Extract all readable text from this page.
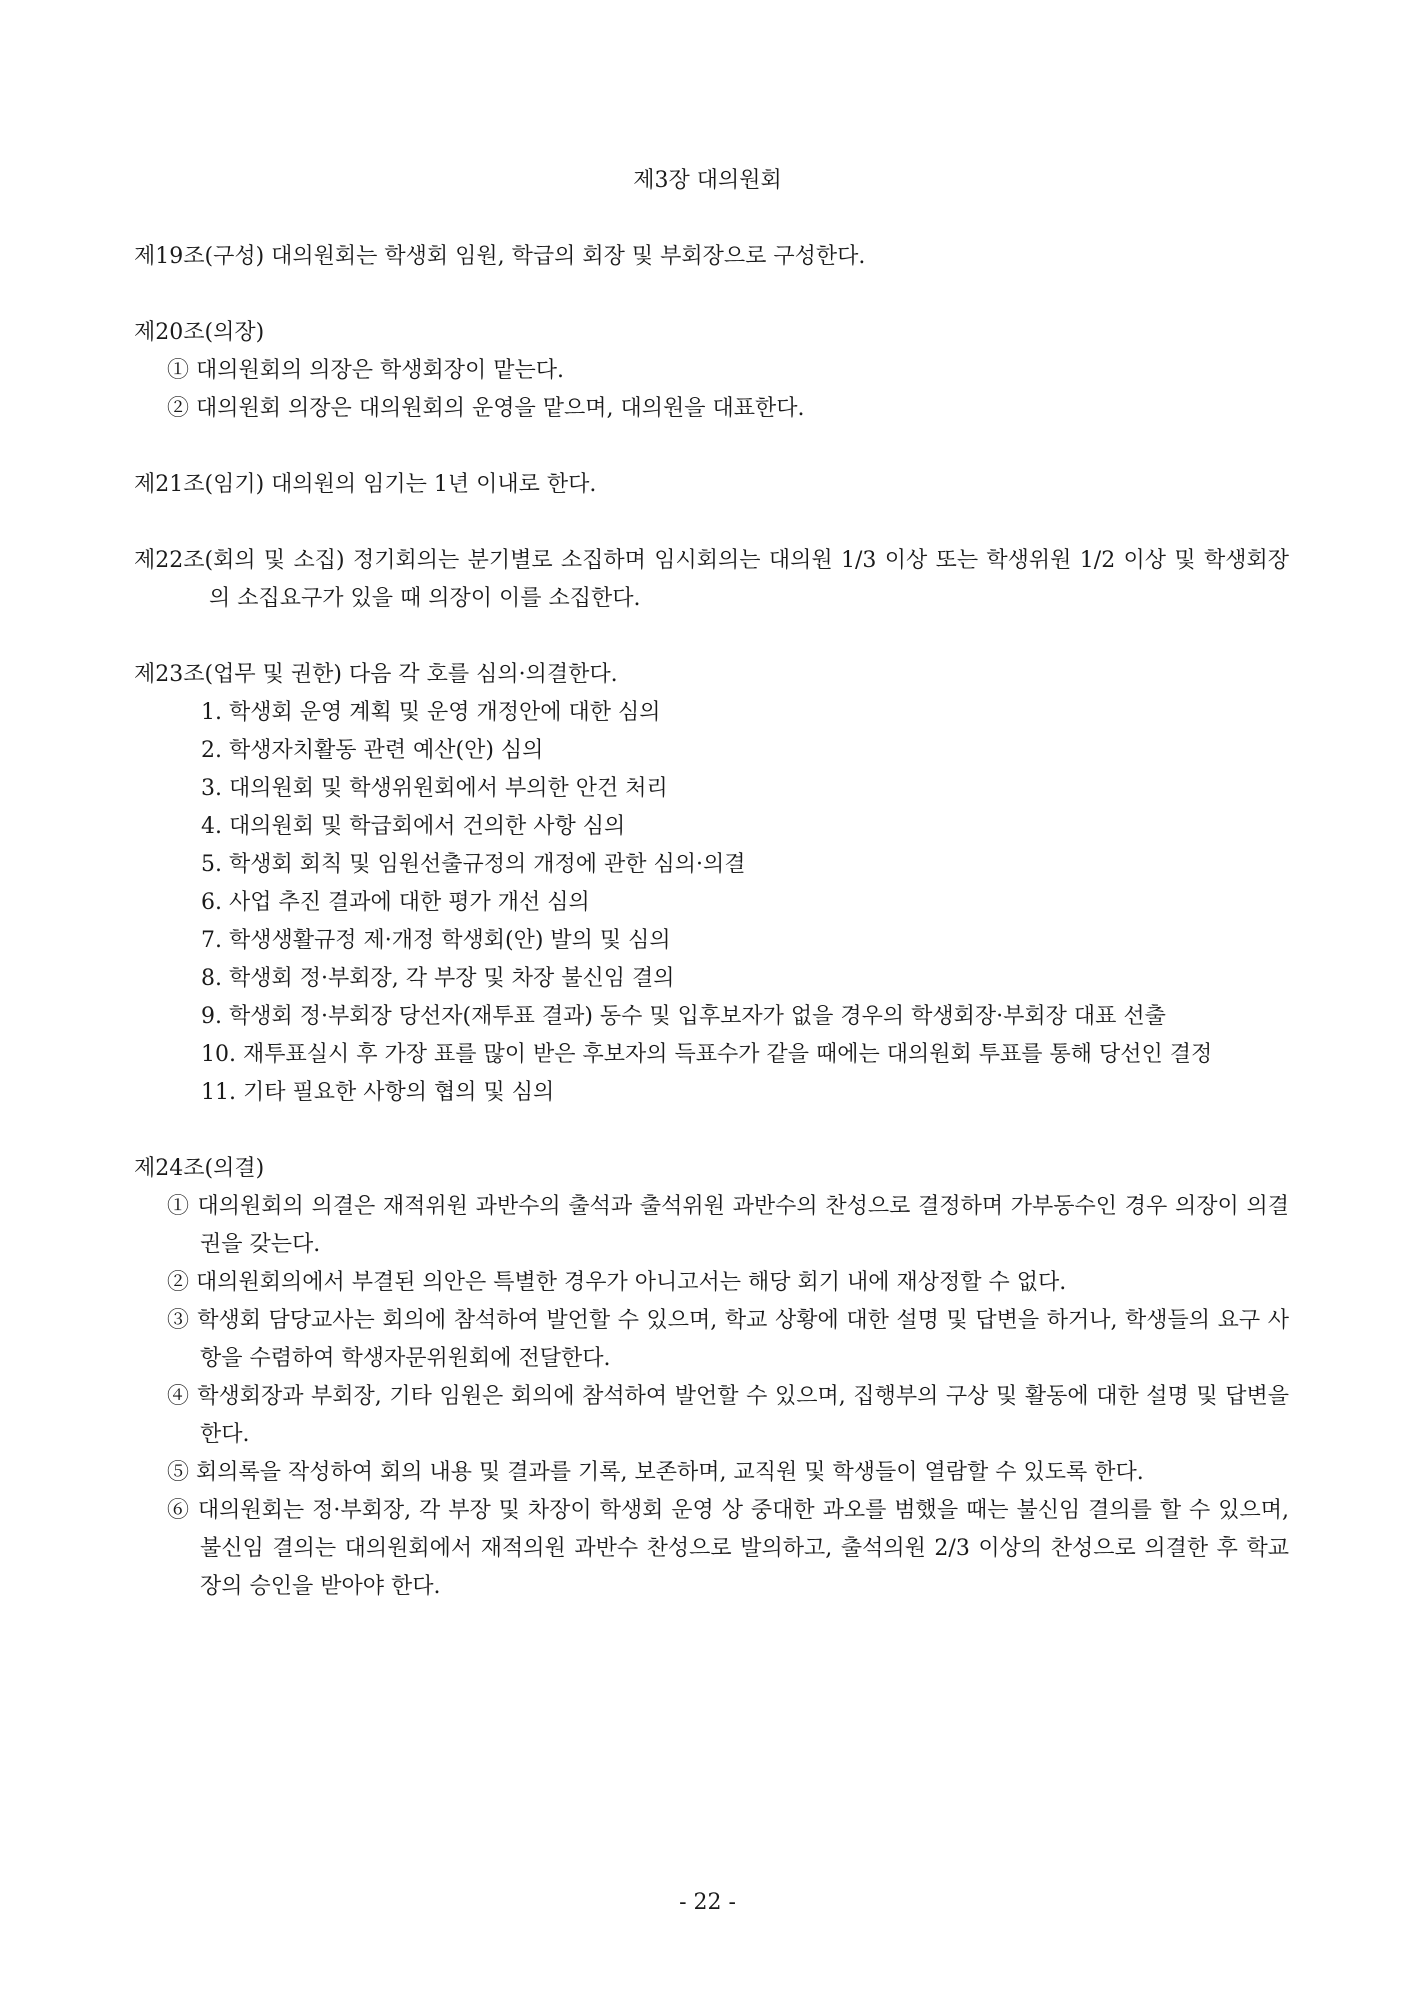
제3장 대의원회
제19조(구성) 대의원회는 학생회 임원, 학급의 회장 및 부회장으로 구성한다.
제20조(의장)
① 대의원회의 의장은 학생회장이 맡는다.
② 대의원회 의장은 대의원회의 운영을 맡으며, 대의원을 대표한다.
제21조(임기) 대의원의 임기는 1년 이내로 한다.
제22조(회의 및 소집) 정기회의는 분기별로 소집하며 임시회의는 대의원 1/3 이상 또는 학생위원 1/2 이상 및 학생회장의 소집요구가 있을 때 의장이 이를 소집한다.
제23조(업무 및 권한) 다음 각 호를 심의·의결한다.
1. 학생회 운영 계획 및 운영 개정안에 대한 심의
2. 학생자치활동 관련 예산(안) 심의
3. 대의원회 및 학생위원회에서 부의한 안건 처리
4. 대의원회 및 학급회에서 건의한 사항 심의
5. 학생회 회칙 및 임원선출규정의 개정에 관한 심의·의결
6. 사업 추진 결과에 대한 평가 개선 심의
7. 학생생활규정 제·개정 학생회(안) 발의 및 심의
8. 학생회 정·부회장, 각 부장 및 차장 불신임 결의
9. 학생회 정·부회장 당선자(재투표 결과) 동수 및 입후보자가 없을 경우의 학생회장·부회장 대표 선출
10. 재투표실시 후 가장 표를 많이 받은 후보자의 득표수가 같을 때에는 대의원회 투표를 통해 당선인 결정
11. 기타 필요한 사항의 협의 및 심의
제24조(의결)
① 대의원회의 의결은 재적위원 과반수의 출석과 출석위원 과반수의 찬성으로 결정하며 가부동수인 경우 의장이 의결권을 갖는다.
② 대의원회의에서 부결된 의안은 특별한 경우가 아니고서는 해당 회기 내에 재상정할 수 없다.
③ 학생회 담당교사는 회의에 참석하여 발언할 수 있으며, 학교 상황에 대한 설명 및 답변을 하거나, 학생들의 요구 사항을 수렴하여 학생자문위원회에 전달한다.
④ 학생회장과 부회장, 기타 임원은 회의에 참석하여 발언할 수 있으며, 집행부의 구상 및 활동에 대한 설명 및 답변을 한다.
⑤ 회의록을 작성하여 회의 내용 및 결과를 기록, 보존하며, 교직원 및 학생들이 열람할 수 있도록 한다.
⑥ 대의원회는 정·부회장, 각 부장 및 차장이 학생회 운영 상 중대한 과오를 범했을 때는 불신임 결의를 할 수 있으며, 불신임 결의는 대의원회에서 재적의원 과반수 찬성으로 발의하고, 출석의원 2/3 이상의 찬성으로 의결한 후 학교장의 승인을 받아야 한다.
- 22 -
